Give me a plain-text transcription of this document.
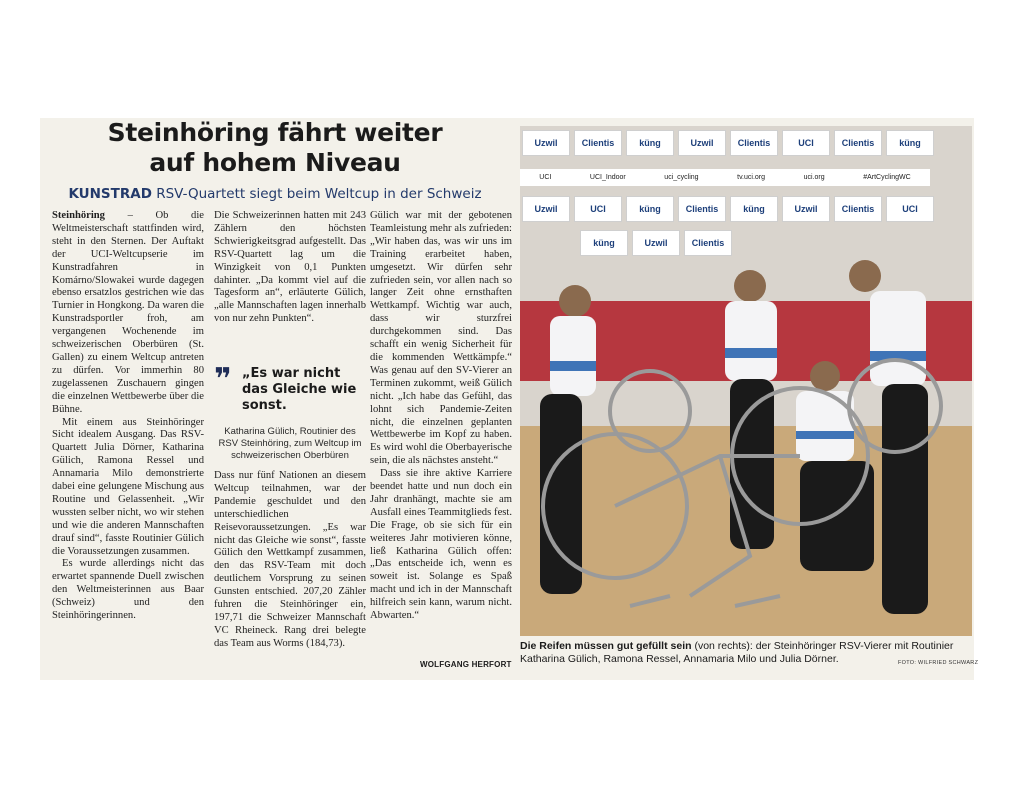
Steinhöring fährt weiter
auf hohem Niveau
KUNSTRAD RSV-Quartett siegt beim Weltcup in der Schweiz

Steinhöring – Ob die Weltmeisterschaft stattfinden wird, steht in den Sternen. Der Auftakt der UCI-Weltcupserie im Kunstradfahren in Komárno/Slowakei wurde dagegen ebenso ersatzlos gestrichen wie das Turnier in Hongkong. Da waren die Kunstradsportler froh, am vergangenen Wochenende im schweizerischen Oberbüren (St. Gallen) zu einem Weltcup antreten zu dürfen. Vor immerhin 80 zugelassenen Zuschauern gingen die einzelnen Wettbewerbe über die Bühne.

Mit einem aus Steinhöringer Sicht idealem Ausgang. Das RSV-Quartett Julia Dörner, Katharina Gülich, Ramona Ressel und Annamaria Milo demonstrierte dabei eine gelungene Mischung aus Routine und Gelassenheit. „Wir wussten selber nicht, wo wir stehen und wie die anderen Mannschaften drauf sind“, fasste Routinier Gülich die Voraussetzungen zusammen.

Es wurde allerdings nicht das erwartet spannende Duell zwischen den Weltmeisterinnen aus Baar (Schweiz) und den Steinhöringerinnen.

Die Schweizerinnen hatten mit 243 Zählern den höchsten Schwierigkeitsgrad aufgestellt. Das RSV-Quartett lag um die Winzigkeit von 0,1 Punkten dahinter. „Da kommt viel auf die Tagesform an“, erläuterte Gülich, „alle Mannschaften lagen innerhalb von nur zehn Punkten“.

❞ „Es war nicht das Gleiche wie sonst.
Katharina Gülich, Routinier des RSV Steinhöring, zum Weltcup im schweizerischen Oberbüren

Dass nur fünf Nationen an diesem Weltcup teilnahmen, war der Pandemie geschuldet und den unterschiedlichen Reisevoraussetzungen. „Es war nicht das Gleiche wie sonst“, fasste Gülich den Wettkampf zusammen, den das RSV-Team mit doch deutlichem Vorsprung zu seinen Gunsten entschied. 207,20 Zähler fuhren die Steinhöringer ein, 197,71 die Schweizer Mannschaft VC Rheineck. Rang drei belegte das Team aus Worms (184,73).

Gülich war mit der gebotenen Teamleistung mehr als zufrieden: „Wir haben das, was wir uns im Training erarbeitet haben, umgesetzt. Wir dürfen sehr zufrieden sein, vor allen nach so langer Zeit ohne ernsthaften Wettkampf. Wichtig war auch, dass wir sturzfrei durchgekommen sind. Das schafft ein wenig Sicherheit für die kommenden Wettkämpfe.“ Was genau auf den SV-Vierer an Terminen zukommt, weiß Gülich nicht. „Ich habe das Gefühl, das lohnt sich Pandemie-Zeiten nicht, die einzelnen geplanten Wettbewerbe im Kopf zu haben. Es wird wohl die Oberbayerische sein, die als nächstes ansteht.“

Dass sie ihre aktive Karriere beendet hatte und nun doch ein Jahr dranhängt, machte sie am Ausfall eines Teammitglieds fest. Die Frage, ob sie sich für ein weiteres Jahr motivieren könne, ließ Katharina Gülich offen: „Das entscheide ich, wenn es soweit ist. Solange es Spaß macht und ich in der Mannschaft hilfreich sein kann, warum nicht. Abwarten.“

WOLFGANG HERFORT
Uzwil	Clientis	küng	Uzwil	Clientis	UCI	Clientis	küng
Uzwil	UCI	küng	Clientis	küng	Uzwil	Clientis	UCI
küng	Uzwil	Clientis
UCI	UCI_Indoor	uci_cycling	tv.uci.org	uci.org	#ArtCyclingWC
Die Reifen müssen gut gefüllt sein (von rechts): der Steinhöringer RSV-Vierer mit Routinier Katharina Gülich, Ramona Ressel, Annamaria Milo und Julia Dörner.	FOTO: WILFRIED SCHWARZ
